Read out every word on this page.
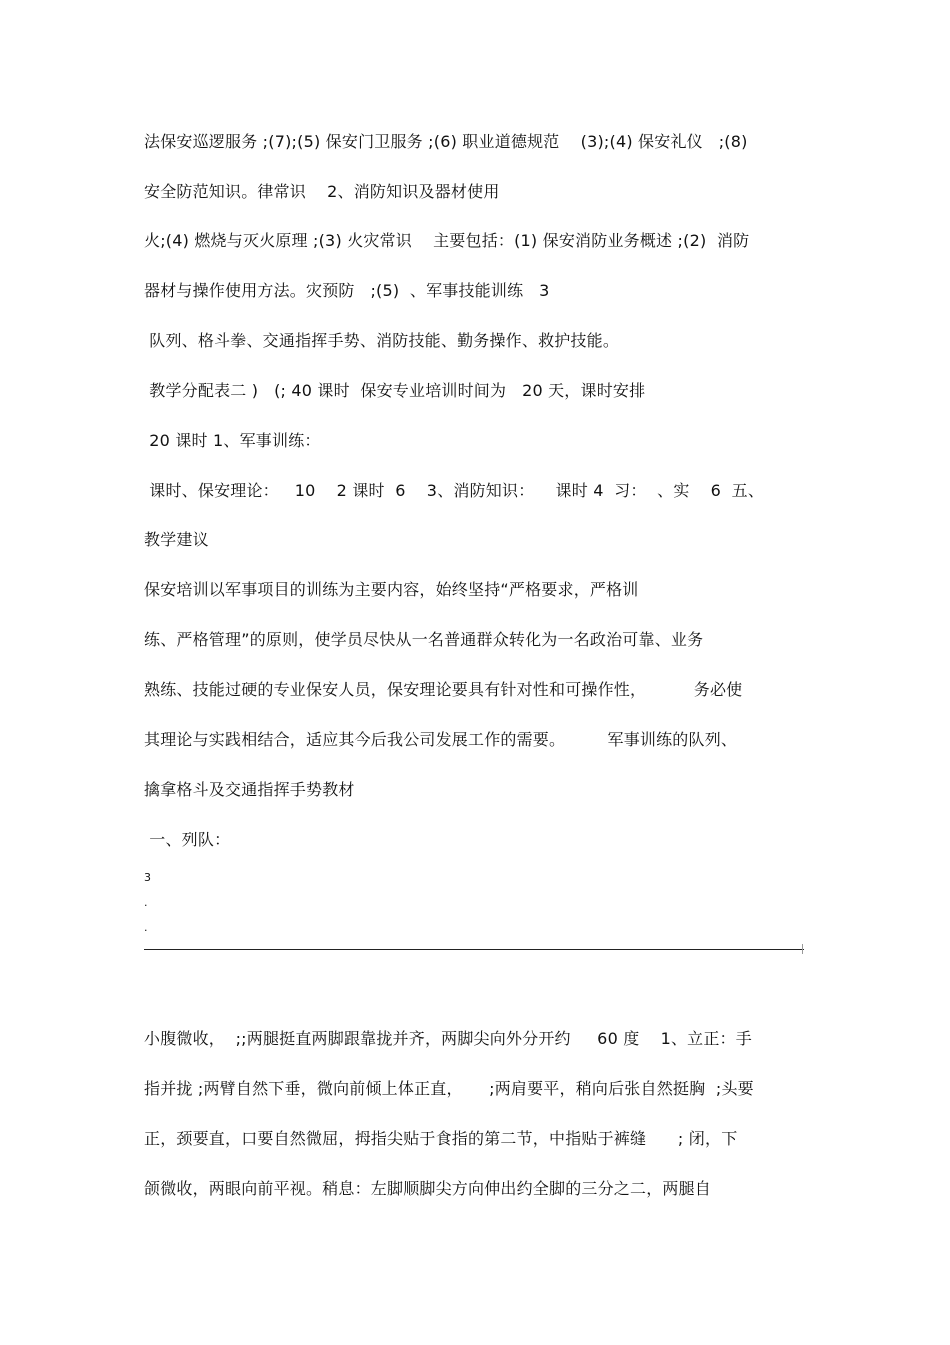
法保安巡逻服务 ;(7);(5) 保安门卫服务 ;(6) 职业道德规范    (3);(4) 保安礼仪   ;(8)
安全防范知识。律常识    2、消防知识及器材使用
火;(4) 燃烧与灭火原理 ;(3) 火灾常识    主要包括：(1) 保安消防业务概述 ;(2)  消防
器材与操作使用方法。灾预防   ;(5)  、军事技能训练   3
队列、格斗拳、交通指挥手势、消防技能、勤务操作、救护技能。
教学分配表二 )   (; 40 课时  保安专业培训时间为   20 天，课时安排
20 课时 1、军事训练：
课时、保安理论：   10    2 课时  6    3、消防知识：    课时 4  习：  、实    6  五、
教学建议
保安培训以军事项目的训练为主要内容，始终坚持“严格要求，严格训
练、严格管理”的原则，使学员尽快从一名普通群众转化为一名政治可靠、业务
熟练、技能过硬的专业保安人员，保安理论要具有针对性和可操作性，         务必使
其理论与实践相结合，适应其今后我公司发展工作的需要。        军事训练的队列、
擒拿格斗及交通指挥手势教材
一、列队：
3
.
.
小腹微收，  ;;两腿挺直两脚跟靠拢并齐，两脚尖向外分开约     60 度    1、立正：手
指并拢 ;两臂自然下垂，微向前倾上体正直，     ;两肩要平，稍向后张自然挺胸  ;头要
正，颈要直，口要自然微屈，拇指尖贴于食指的第二节，中指贴于裤缝      ; 闭，下
颌微收，两眼向前平视。稍息：左脚顺脚尖方向伸出约全脚的三分之二，两腿自
